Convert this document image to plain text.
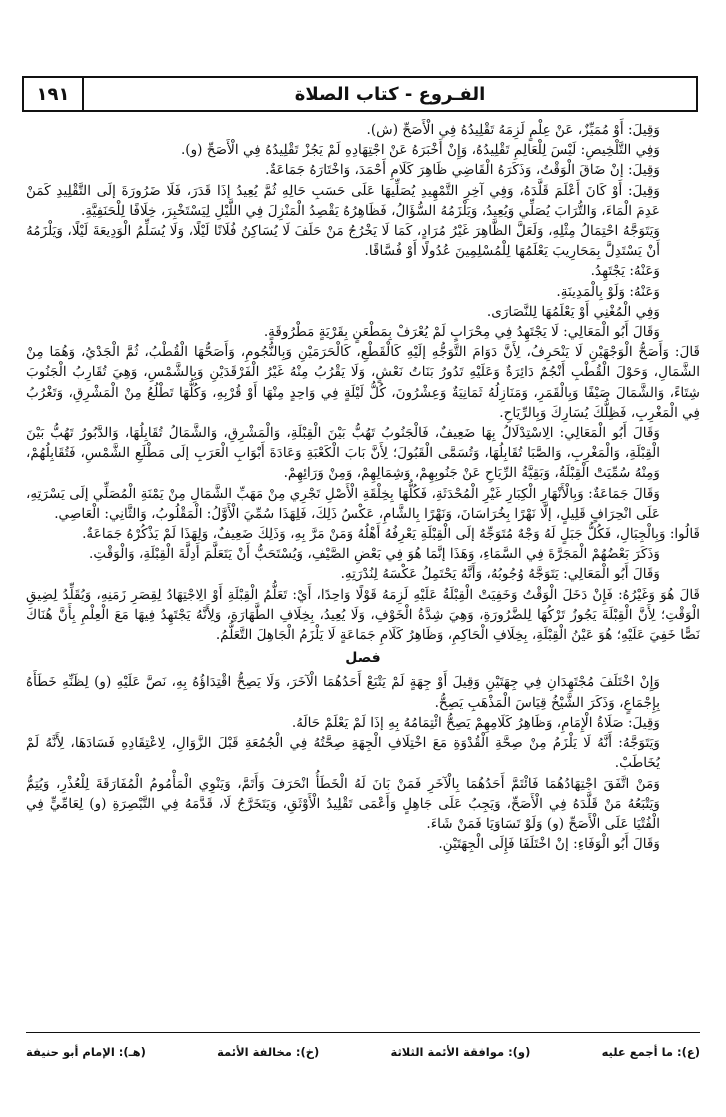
الفـروع - كتاب الصلاة
١٩١

وَقِيلَ: أَوْ مُمَيِّزٌ، عَنْ عِلْمٍ لَزِمَهُ تَقْلِيدُهُ فِي الْأَصَحِّ (ش).

وَفِي التَّلْخِيصِ: لَيْسَ لِلْعَالِمِ تَقْلِيدُهُ، وَإِنْ أَخْبَرَهُ عَنْ اجْتِهَادِهِ لَمْ يَجُزْ تَقْلِيدُهُ فِي الْأَصَحِّ (و).

وَقِيلَ: إنْ ضَاقَ الْوَقْتُ، وَذَكَرَهُ الْقَاضِي ظَاهِرَ كَلَامِ أَحْمَدَ، وَاخْتَارَهُ جَمَاعَةٌ.

وَقِيلَ: أَوْ كَانَ أَعْلَمَ قَلَّدَهُ، وَفِي آخِرِ التَّمْهِيدِ يُصَلِّيهَا عَلَى حَسَبِ حَالِهِ ثُمَّ يُعِيدُ إذَا قَدَرَ، فَلَا ضَرُورَةَ إلَى التَّقْلِيدِ كَمَنْ عَدِمَ الْمَاءَ، وَالتُّرَابَ يُصَلِّي وَيُعِيدُ، وَيَلْزَمُهُ السُّؤَالُ، فَظَاهِرُهُ يَقْصِدُ الْمَنْزِلَ فِي اللَّيْلِ لِيَسْتَخْبِرَ، خِلَافًا لِلْحَنَفِيَّةِ.

وَيَتَوَجَّهُ احْتِمَالُ مِثْلِهِ، وَلَعَلَّ الظَّاهِرَ غَيْرُ مُرَادٍ، كَمَا لَا يَخْرُجُ مَنْ حَلَفَ لَا يُسَاكِنُ فُلَانًا لَيْلًا، وَلَا يُسَلِّمُ الْوَدِيعَةَ لَيْلًا، وَيَلْزَمُهُ أَنْ يَسْتَدِلَّ بِمَحَارِيبَ يَعْلَمُهَا لِلْمُسْلِمِينَ عُدُولًا أَوْ فُسَّاقًا.

وَعَنْهُ: يَجْتَهِدُ.

وَعَنْهُ: وَلَوْ بِالْمَدِينَةِ.

وَفِي الْمُغْنِي أَوْ يَعْلَمُهَا لِلنَّصَارَى.

وَقَالَ أَبُو الْمَعَالِي: لَا يَجْتَهِدُ فِي مِحْرَابٍ لَمْ يُعْرَفْ بِمَطْعَنٍ بِقَرْيَةٍ مَطْرُوقَةٍ.

قَالَ: وَأَصَحُّ الْوَجْهَيْنِ لَا يَنْحَرِفُ، لِأَنَّ دَوَامَ التَّوَجُّهِ إلَيْهِ كَالْقَطْعِ، كَالْحَرَمَيْنِ وَبِالنُّجُومِ، وَأَصَحُّهَا الْقُطْبُ، ثُمَّ الْجَدْيُ، وَهُمَا مِنْ الشَّمَالِ، وَحَوْلَ الْقُطْبِ أَنْجُمٌ دَائِرَةٌ وَعَلَيْهِ تَدُورُ بَنَاتُ نَعْشٍ، وَلَا يَقْرُبُ مِنْهُ غَيْرُ الْفَرْقَدَيْنِ وَبِالشَّمْسِ، وَهِيَ تُقَارِبُ الْجَنُوبَ شِتَاءً، وَالشَّمَالَ صَيْفًا وَبِالْقَمَرِ، وَمَنَازِلُهُ ثَمَانِيَةٌ وَعِشْرُونَ، كُلُّ لَيْلَةٍ فِي وَاحِدٍ مِنْهَا أَوْ قُرْبِهِ، وَكُلُّهَا تَطْلُعُ مِنْ الْمَشْرِقِ، وَتَغْرُبُ فِي الْمَغْرِبِ، فَظِلُّكَ يُسَارِكَ وَبِالرِّيَاحِ.

وَقَالَ أَبُو الْمَعَالِي: الِاسْتِدْلَالُ بِهَا ضَعِيفٌ، فَالْجَنُوبُ تَهُبُّ بَيْنَ الْقِبْلَةِ، وَالْمَشْرِقِ، وَالشَّمَالُ تُقَابِلُهَا، وَالدَّبُورُ تَهُبُّ بَيْنَ الْقِبْلَةِ، وَالْمَغْرِبِ، وَالصَّبَا تُقَابِلُهَا، وَتُسَمَّى الْقَبُولَ؛ لِأَنَّ بَابَ الْكَعْبَةِ وَعَادَةَ أَبْوَابِ الْعَرَبِ إلَى مَطْلَعِ الشَّمْسِ، فَتُقَابِلُهُمْ، وَمِنْهُ سُمِّيَتْ الْقِبْلَةُ، وَبَقِيَّةُ الرِّيَاحِ عَنْ جَنُوبِهِمْ، وَشِمَالِهِمْ، وَمِنْ وَرَائِهِمْ.

وَقَالَ جَمَاعَةٌ: وَبِالْأَنْهَارِ الْكِبَارِ غَيْرِ الْمُحْدَثَةِ، فَكُلُّهَا بِخِلْقَةِ الْأَصْلِ تَجْرِي مِنْ مَهَبِّ الشَّمَالِ مِنْ يَمْنَةِ الْمُصَلِّي إلَى يَسْرَتِهِ، عَلَى انْحِرَافٍ قَلِيلٍ، إلَّا نَهْرًا بِخُرَاسَانَ، وَنَهْرًا بِالشَّامِ، عَكْسُ ذَلِكَ، فَلِهَذَا سُمِّيَ الْأَوَّلُ: الْمَقْلُوبُ، وَالثَّانِي: الْعَاصِي.

قَالُوا: وَبِالْجِبَالِ، فَكُلُّ جَبَلٍ لَهُ وَجْهٌ مُتَوَجِّهٌ إلَى الْقِبْلَةِ يَعْرِفُهُ أَهْلُهُ وَمَنْ مَرَّ بِهِ، وَذَلِكَ ضَعِيفٌ، وَلِهَذَا لَمْ يَذْكُرْهُ جَمَاعَةٌ.

وَذَكَرَ بَعْضُهُمْ الْمَجَرَّةَ فِي السَّمَاءِ، وَهَذَا إنَّمَا هُوَ فِي بَعْضِ الصَّيْفِ، وَيُسْتَحَبُّ أَنْ يَتَعَلَّمَ أَدِلَّةَ الْقِبْلَةِ، وَالْوَقْتِ.

وَقَالَ أَبُو الْمَعَالِي: يَتَوَجَّهُ وُجُوبُهُ، وَأَنَّهُ يَحْتَمِلُ عَكْسَهُ لِنُدْرَتِهِ.

قَالَ هُوَ وَغَيْرُهُ: فَإِنْ دَخَلَ الْوَقْتُ وَخَفِيَتْ الْقِبْلَةُ عَلَيْهِ لَزِمَهُ قَوْلًا وَاحِدًا، أَيْ: تَعَلُّمُ الْقِبْلَةِ أَوْ الِاجْتِهَادُ لِقِصَرِ زَمَنِهِ، وَيُقَلِّدُ لِضِيقِ الْوَقْتِ؛ لِأَنَّ الْقِبْلَةَ يَجُوزُ تَرْكُهَا لِلضَّرُورَةِ، وَهِيَ شِدَّةُ الْخَوْفِ، وَلَا يُعِيدُ، بِخِلَافِ الطَّهَارَةِ، وَلِأَنَّهُ يَجْتَهِدُ فِيهَا مَعَ الْعِلْمِ بِأَنَّ هُنَاكَ نَصًّا خَفِيَ عَلَيْهِ؛ هُوَ عَيْنُ الْقِبْلَةِ، بِخِلَافِ الْحَاكِمِ، وَظَاهِرُ كَلَامِ جَمَاعَةٍ لَا يَلْزَمُ الْجَاهِلَ التَّعَلُّمُ.

فصل

وَإِنْ اخْتَلَفَ مُجْتَهِدَانِ فِي جِهَتَيْنِ وَقِيلَ أَوْ جِهَةٍ لَمْ يَتْبَعْ أَحَدُهُمَا الْآخَرَ، وَلَا يَصِحُّ اقْتِدَاؤُهُ بِهِ، نَصَّ عَلَيْهِ (و) لِظَنِّهِ خَطَأَهُ بِإِجْمَاعٍ، وَذَكَرَ الشَّيْخُ قِيَاسَ الْمَذْهَبِ يَصِحُّ.

وَقِيلَ: صَلَاةُ الْإِمَامِ، وَظَاهِرُ كَلَامِهِمْ يَصِحُّ ائْتِمَامُهُ بِهِ إذَا لَمْ يَعْلَمْ حَالَهُ.

وَيَتَوَجَّهُ: أَنَّهُ لَا يَلْزَمُ مِنْ صِحَّةِ الْقُدْوَةِ مَعَ اخْتِلَافِ الْجِهَةِ صِحَّتُهُ فِي الْجُمُعَةِ قَبْلَ الزَّوَالِ، لِاعْتِقَادِهِ فَسَادَهَا، لِأَنَّهُ لَمْ يُخَاطَبْ.

وَمَنْ اتَّفَقَ اجْتِهَادُهُمَا فَائْتَمَّ أَحَدُهُمَا بِالْآخَرِ فَمَنْ بَانَ لَهُ الْخَطَأُ انْحَرَفَ وَأَتَمَّ، وَيَنْوِي الْمَأْمُومُ الْمُفَارَقَةَ لِلْعُذْرِ، وَيُتِمُّ وَيَتْبَعُهُ مَنْ قَلَّدَهُ فِي الْأَصَحِّ، وَيَجِبُ عَلَى جَاهِلٍ وَأَعْمَى تَقْلِيدُ الْأَوْثَقِ، وَيَتَخَرَّجُ لَا، قَدَّمَهُ فِي التَّبْصِرَةِ (و) لِعَامِّيٍّ فِي الْفُتْيَا عَلَى الْأَصَحِّ (و) وَلَوْ تَسَاوَيَا فَمَنْ شَاءَ.

وَقَالَ أَبُو الْوَفَاءِ: إنْ اخْتَلَفَا فَإِلَى الْجِهَتَيْنِ.

(ع): ما أجمع عليه
(و): موافقة الأئمة الثلاثة
(خ): مخالفة الأئمة
(هـ): الإمام أبو حنيفة
